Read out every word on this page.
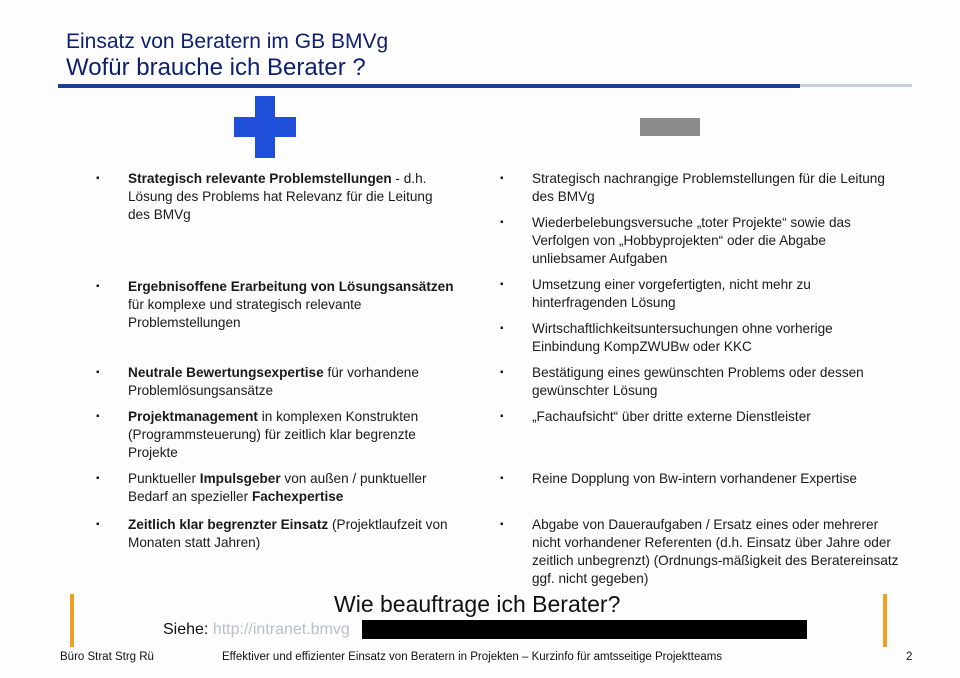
Einsatz von Beratern im GB BMVg
Wofür brauche ich Berater ?
▪ Strategisch relevante Problemstellungen - d.h. Lösung des Problems hat Relevanz für die Leitung des BMVg
▪ Ergebnisoffene Erarbeitung von Lösungsansätzen für komplexe und strategisch relevante Problemstellungen
▪ Neutrale Bewertungsexpertise für vorhandene Problemlösungsansätze
▪ Projektmanagement in komplexen Konstrukten (Programmsteuerung) für zeitlich klar begrenzte Projekte
▪ Punktueller Impulsgeber von außen / punktueller Bedarf an spezieller Fachexpertise
▪ Zeitlich klar begrenzter Einsatz (Projektlaufzeit von Monaten statt Jahren)
▪ Strategisch nachrangige Problemstellungen für die Leitung des BMVg
▪ Wiederbelebungsversuche „toter Projekte“ sowie das Verfolgen von „Hobbyprojekten“ oder die Abgabe unliebsamer Aufgaben
▪ Umsetzung einer vorgefertigten, nicht mehr zu hinterfragenden Lösung
▪ Wirtschaftlichkeitsuntersuchungen ohne vorherige Einbindung KompZWUBw oder KKC
▪ Bestätigung eines gewünschten Problems oder dessen gewünschter Lösung
▪ „Fachaufsicht“ über dritte externe Dienstleister
▪ Reine Dopplung von Bw-intern vorhandener Expertise
▪ Abgabe von Daueraufgaben / Ersatz eines oder mehrerer nicht vorhandener Referenten (d.h. Einsatz über Jahre oder zeitlich unbegrenzt) (Ordnungs-mäßigkeit des Beratereinsatz ggf. nicht gegeben)
Wie beauftrage ich Berater?
Siehe: http://intranet.bmvg
Büro Strat Strg Rü	Effektiver und effizienter Einsatz von Beratern in Projekten – Kurzinfo für amtsseitige Projektteams	2
